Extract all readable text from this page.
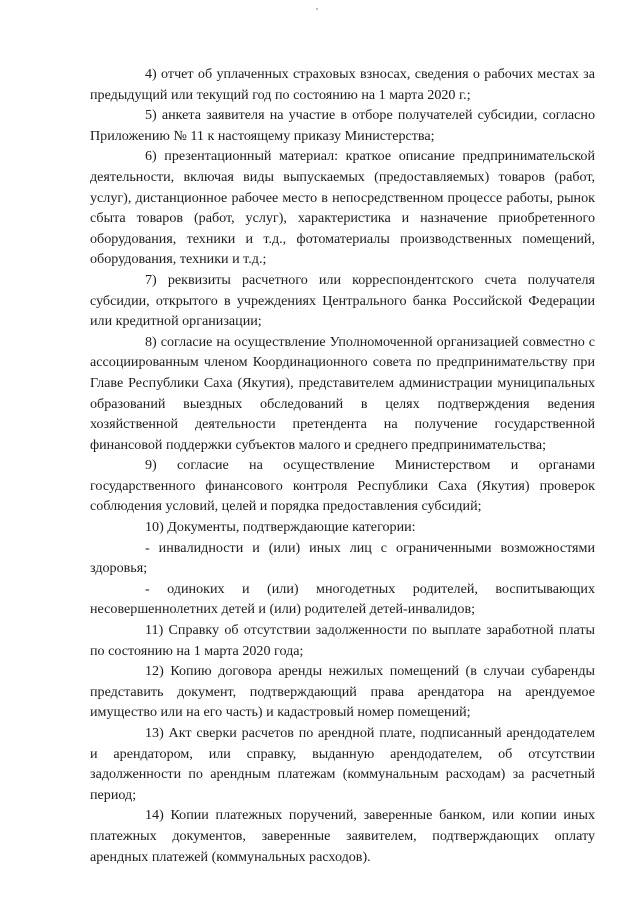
'

4) отчет об уплаченных страховых взносах, сведения о рабочих местах за предыдущий или текущий год по состоянию на 1 марта 2020 г.;

5) анкета заявителя на участие в отборе получателей субсидии, согласно Приложению № 11 к настоящему приказу Министерства;

6) презентационный материал: краткое описание предпринимательской деятельности, включая виды выпускаемых (предоставляемых) товаров (работ, услуг), дистанционное рабочее место в непосредственном процессе работы, рынок сбыта товаров (работ, услуг), характеристика и назначение приобретенного оборудования, техники и т.д., фотоматериалы производственных помещений, оборудования, техники и т.д.;

7) реквизиты расчетного или корреспондентского счета получателя субсидии, открытого в учреждениях Центрального банка Российской Федерации или кредитной организации;

8) согласие на осуществление Уполномоченной организацией совместно с ассоциированным членом Координационного совета по предпринимательству при Главе Республики Саха (Якутия), представителем администрации муниципальных образований выездных обследований в целях подтверждения ведения хозяйственной деятельности претендента на получение государственной финансовой поддержки субъектов малого и среднего предпринимательства;

9) согласие на осуществление Министерством и органами государственного финансового контроля Республики Саха (Якутия) проверок соблюдения условий, целей и порядка предоставления субсидий;

10) Документы, подтверждающие категории:

- инвалидности и (или) иных лиц с ограниченными возможностями здоровья;

- одиноких и (или) многодетных родителей, воспитывающих несовершеннолетних детей и (или) родителей детей-инвалидов;

11) Справку об отсутствии задолженности по выплате заработной платы по состоянию на 1 марта 2020 года;

12) Копию договора аренды нежилых помещений (в случаи субаренды представить документ, подтверждающий права арендатора на арендуемое имущество или на его часть) и кадастровый номер помещений;

13) Акт сверки расчетов по арендной плате, подписанный арендодателем и арендатором, или справку, выданную арендодателем, об отсутствии задолженности по арендным платежам (коммунальным расходам) за расчетный период;

14) Копии платежных поручений, заверенные банком, или копии иных платежных документов, заверенные заявителем, подтверждающих оплату арендных платежей (коммунальных расходов).
